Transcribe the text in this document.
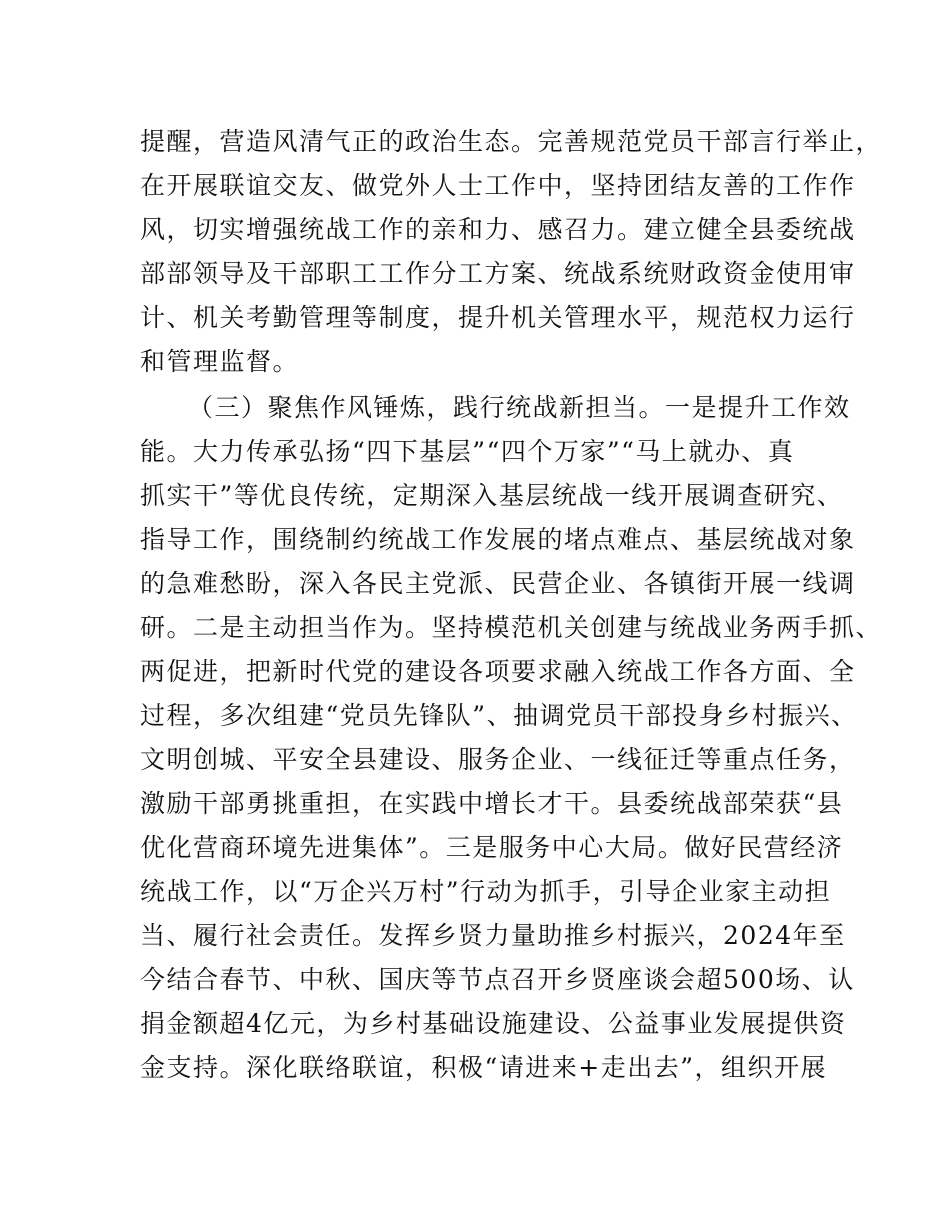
提醒，营造风清气正的政治生态。完善规范党员干部言行举止，
在开展联谊交友、做党外人士工作中，坚持团结友善的工作作
风，切实增强统战工作的亲和力、感召力。建立健全县委统战
部部领导及干部职工工作分工方案、统战系统财政资金使用审
计、机关考勤管理等制度，提升机关管理水平，规范权力运行
和管理监督。
（三）聚焦作风锤炼，践行统战新担当。一是提升工作效
能。大力传承弘扬“四下基层”“四个万家”“马上就办、真
抓实干”等优良传统，定期深入基层统战一线开展调查研究、
指导工作，围绕制约统战工作发展的堵点难点、基层统战对象
的急难愁盼，深入各民主党派、民营企业、各镇街开展一线调
研。二是主动担当作为。坚持模范机关创建与统战业务两手抓、
两促进，把新时代党的建设各项要求融入统战工作各方面、全
过程，多次组建“党员先锋队”、抽调党员干部投身乡村振兴、
文明创城、平安全县建设、服务企业、一线征迁等重点任务，
激励干部勇挑重担，在实践中增长才干。县委统战部荣获“县
优化营商环境先进集体”。三是服务中心大局。做好民营经济
统战工作，以“万企兴万村”行动为抓手，引导企业家主动担
当、履行社会责任。发挥乡贤力量助推乡村振兴，2024年至
今结合春节、中秋、国庆等节点召开乡贤座谈会超500场、认
捐金额超4亿元，为乡村基础设施建设、公益事业发展提供资
金支持。深化联络联谊，积极“请进来+走出去”，组织开展
